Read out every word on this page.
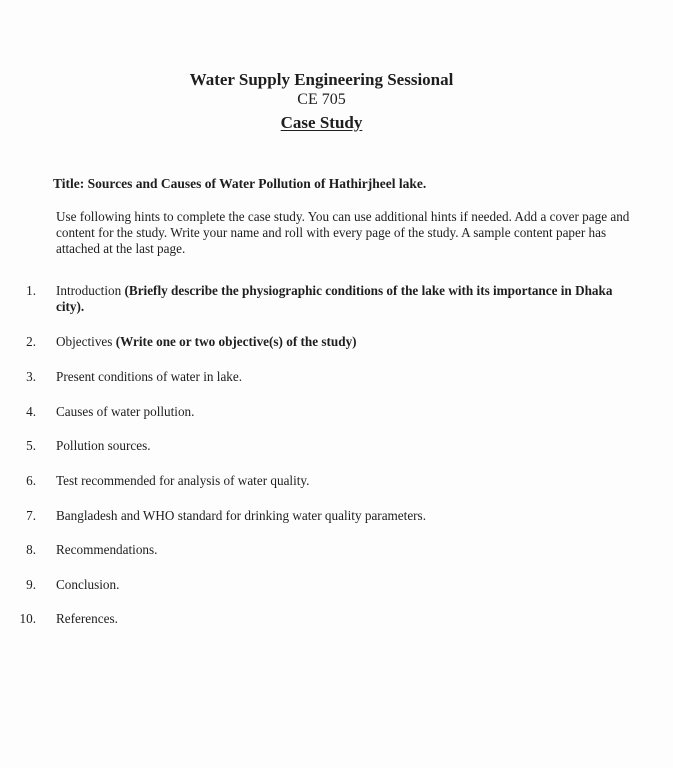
Water Supply Engineering Sessional
CE 705
Case Study
Title: Sources and Causes of Water Pollution of Hathirjheel lake.
Use following hints to complete the case study. You can use additional hints if needed. Add a cover page and content for the study. Write your name and roll with every page of the study. A sample content paper has attached at the last page.
1. Introduction (Briefly describe the physiographic conditions of the lake with its importance in Dhaka city).
2. Objectives (Write one or two objective(s) of the study)
3. Present conditions of water in lake.
4. Causes of water pollution.
5. Pollution sources.
6. Test recommended for analysis of water quality.
7. Bangladesh and WHO standard for drinking water quality parameters.
8. Recommendations.
9. Conclusion.
10. References.
